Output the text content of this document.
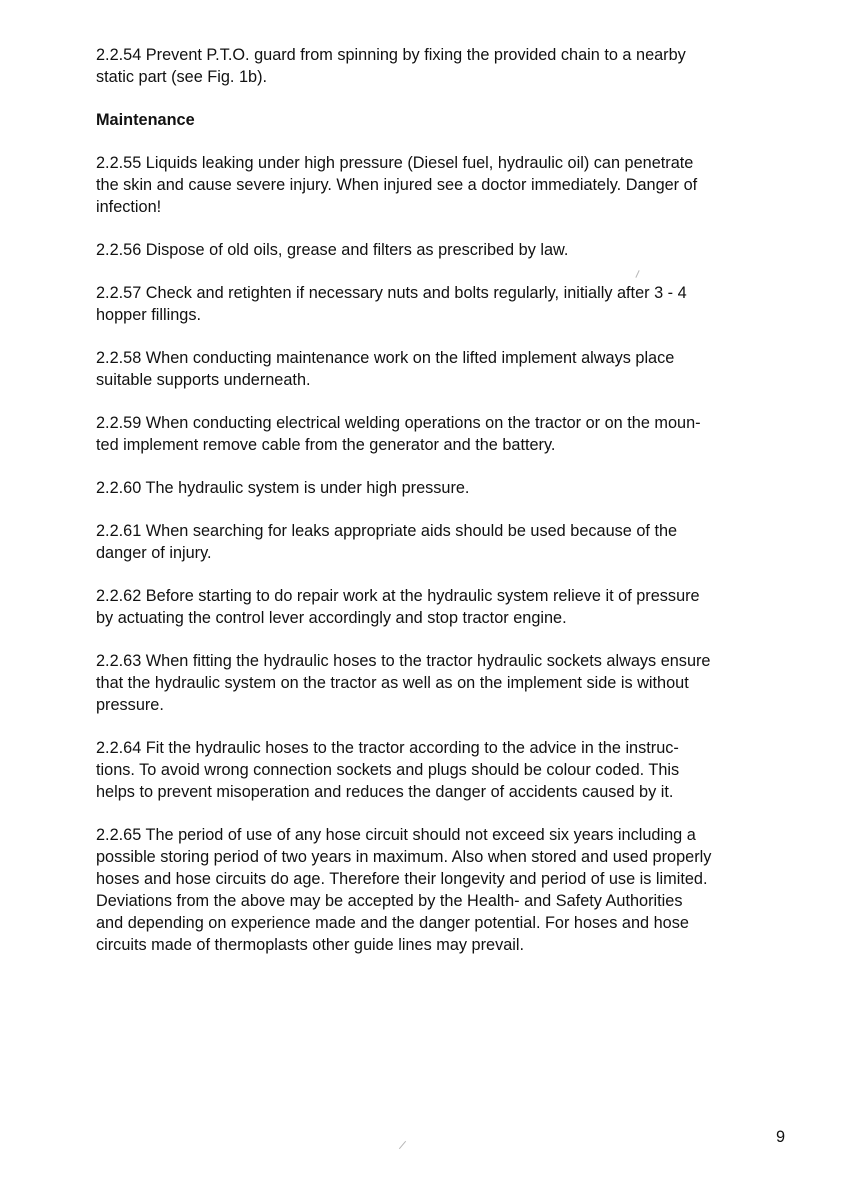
2.2.54 Prevent P.T.O. guard from spinning by fixing the provided chain to a nearby
static part (see Fig. 1b).

Maintenance

2.2.55 Liquids leaking under high pressure (Diesel fuel, hydraulic oil) can penetrate
the skin and cause severe injury. When injured see a doctor immediately. Danger of
infection!

2.2.56 Dispose of old oils, grease and filters as prescribed by law.

2.2.57 Check and retighten if necessary nuts and bolts regularly, initially after 3 - 4
hopper fillings.

2.2.58 When conducting maintenance work on the lifted implement always place
suitable supports underneath.

2.2.59 When conducting electrical welding operations on the tractor or on the moun-
ted implement remove cable from the generator and the battery.

2.2.60 The hydraulic system is under high pressure.

2.2.61 When searching for leaks appropriate aids should be used because of the
danger of injury.

2.2.62 Before starting to do repair work at the hydraulic system relieve it of pressure
by actuating the control lever accordingly and stop tractor engine.

2.2.63 When fitting the hydraulic hoses to the tractor hydraulic sockets always ensure
that the hydraulic system on the tractor as well as on the implement side is without
pressure.

2.2.64 Fit the hydraulic hoses to the tractor according to the advice in the instruc-
tions. To avoid wrong connection sockets and plugs should be colour coded. This
helps to prevent misoperation and reduces the danger of accidents caused by it.

2.2.65 The period of use of any hose circuit should not exceed six years including a
possible storing period of two years in maximum. Also when stored and used properly
hoses and hose circuits do age. Therefore their longevity and period of use is limited.
Deviations from the above may be accepted by the Health- and Safety Authorities
and depending on experience made and the danger potential. For hoses and hose
circuits made of thermoplasts other guide lines may prevail.

9
